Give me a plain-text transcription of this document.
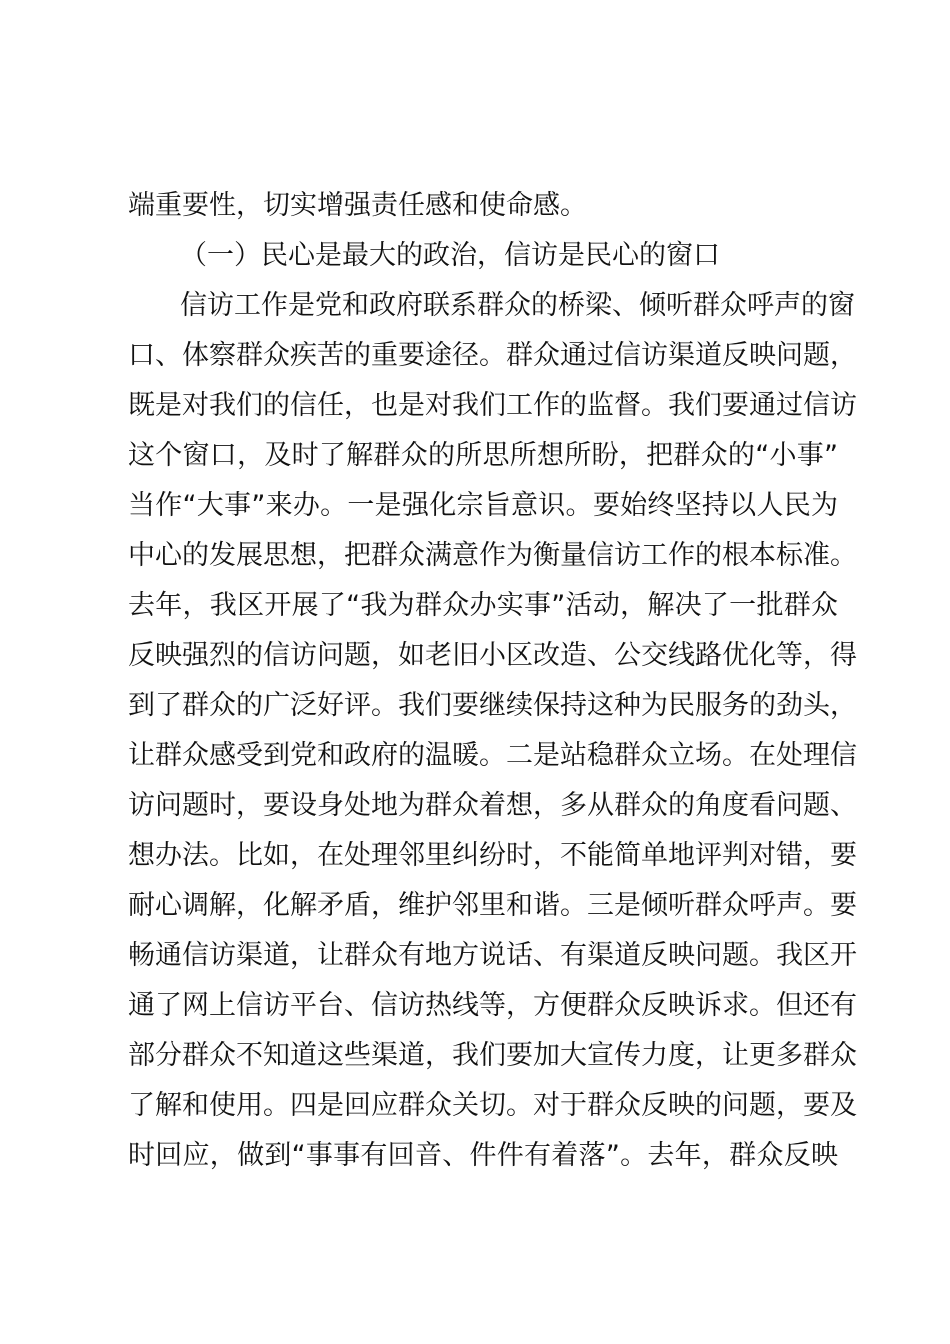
端重要性，切实增强责任感和使命感。
（一）民心是最大的政治，信访是民心的窗口
信访工作是党和政府联系群众的桥梁、倾听群众呼声的窗
口、体察群众疾苦的重要途径。群众通过信访渠道反映问题，
既是对我们的信任，也是对我们工作的监督。我们要通过信访
这个窗口，及时了解群众的所思所想所盼，把群众的“小事”
当作“大事”来办。一是强化宗旨意识。要始终坚持以人民为
中心的发展思想，把群众满意作为衡量信访工作的根本标准。
去年，我区开展了“我为群众办实事”活动，解决了一批群众
反映强烈的信访问题，如老旧小区改造、公交线路优化等，得
到了群众的广泛好评。我们要继续保持这种为民服务的劲头，
让群众感受到党和政府的温暖。二是站稳群众立场。在处理信
访问题时，要设身处地为群众着想，多从群众的角度看问题、
想办法。比如，在处理邻里纠纷时，不能简单地评判对错，要
耐心调解，化解矛盾，维护邻里和谐。三是倾听群众呼声。要
畅通信访渠道，让群众有地方说话、有渠道反映问题。我区开
通了网上信访平台、信访热线等，方便群众反映诉求。但还有
部分群众不知道这些渠道，我们要加大宣传力度，让更多群众
了解和使用。四是回应群众关切。对于群众反映的问题，要及
时回应，做到“事事有回音、件件有着落”。去年，群众反映
